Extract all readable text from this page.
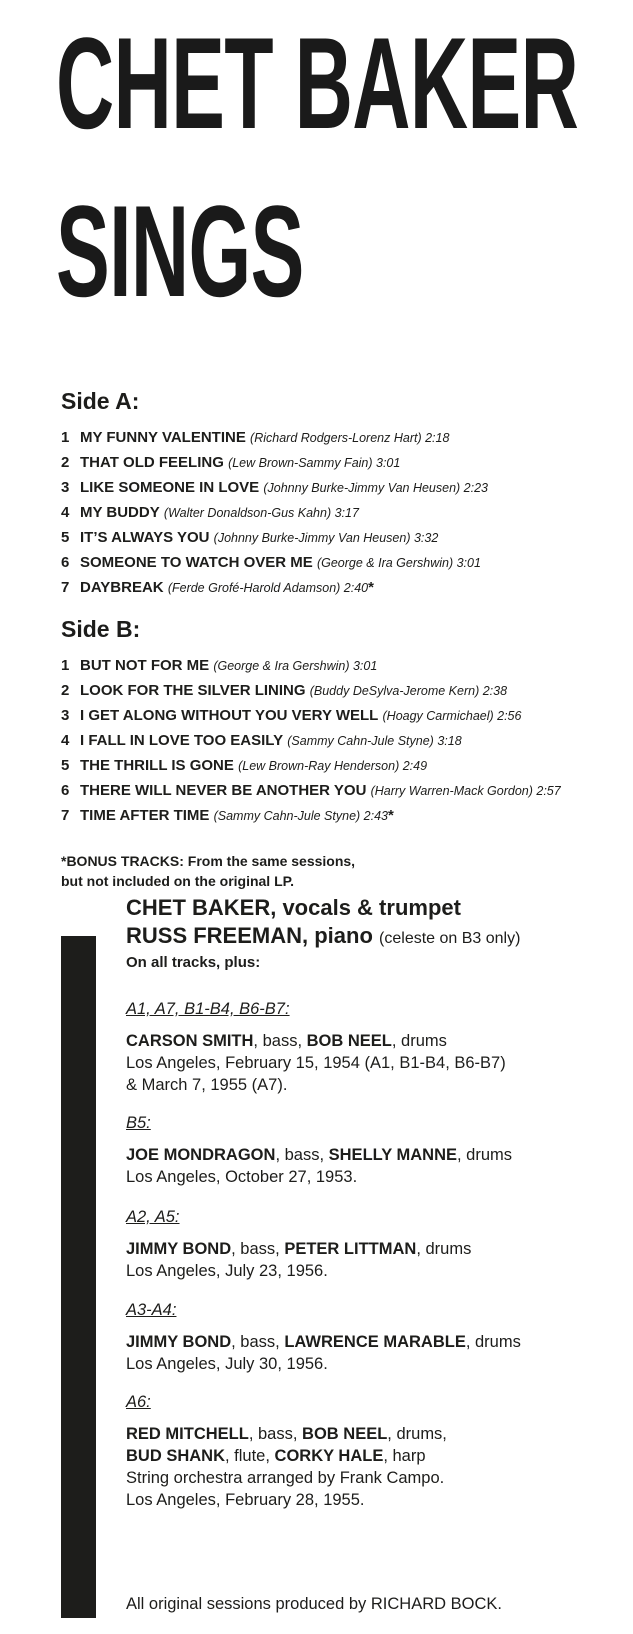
CHET BAKER
SINGS
Side A:
1 MY FUNNY VALENTINE (Richard Rodgers-Lorenz Hart) 2:18
2 THAT OLD FEELING (Lew Brown-Sammy Fain) 3:01
3 LIKE SOMEONE IN LOVE (Johnny Burke-Jimmy Van Heusen) 2:23
4 MY BUDDY (Walter Donaldson-Gus Kahn) 3:17
5 IT’S ALWAYS YOU (Johnny Burke-Jimmy Van Heusen) 3:32
6 SOMEONE TO WATCH OVER ME (George & Ira Gershwin) 3:01
7 DAYBREAK (Ferde Grofé-Harold Adamson) 2:40*
Side B:
1 BUT NOT FOR ME (George & Ira Gershwin) 3:01
2 LOOK FOR THE SILVER LINING (Buddy DeSylva-Jerome Kern) 2:38
3 I GET ALONG WITHOUT YOU VERY WELL (Hoagy Carmichael) 2:56
4 I FALL IN LOVE TOO EASILY (Sammy Cahn-Jule Styne) 3:18
5 THE THRILL IS GONE (Lew Brown-Ray Henderson) 2:49
6 THERE WILL NEVER BE ANOTHER YOU (Harry Warren-Mack Gordon) 2:57
7 TIME AFTER TIME (Sammy Cahn-Jule Styne) 2:43*
*BONUS TRACKS: From the same sessions,
but not included on the original LP.
CHET BAKER, vocals & trumpet
RUSS FREEMAN, piano (celeste on B3 only)
On all tracks, plus:
A1, A7, B1-B4, B6-B7:
CARSON SMITH, bass, BOB NEEL, drums
Los Angeles, February 15, 1954 (A1, B1-B4, B6-B7)
& March 7, 1955 (A7).
B5:
JOE MONDRAGON, bass, SHELLY MANNE, drums
Los Angeles, October 27, 1953.
A2, A5:
JIMMY BOND, bass, PETER LITTMAN, drums
Los Angeles, July 23, 1956.
A3-A4:
JIMMY BOND, bass, LAWRENCE MARABLE, drums
Los Angeles, July 30, 1956.
A6:
RED MITCHELL, bass, BOB NEEL, drums,
BUD SHANK, flute, CORKY HALE, harp
String orchestra arranged by Frank Campo.
Los Angeles, February 28, 1955.
All original sessions produced by RICHARD BOCK.
